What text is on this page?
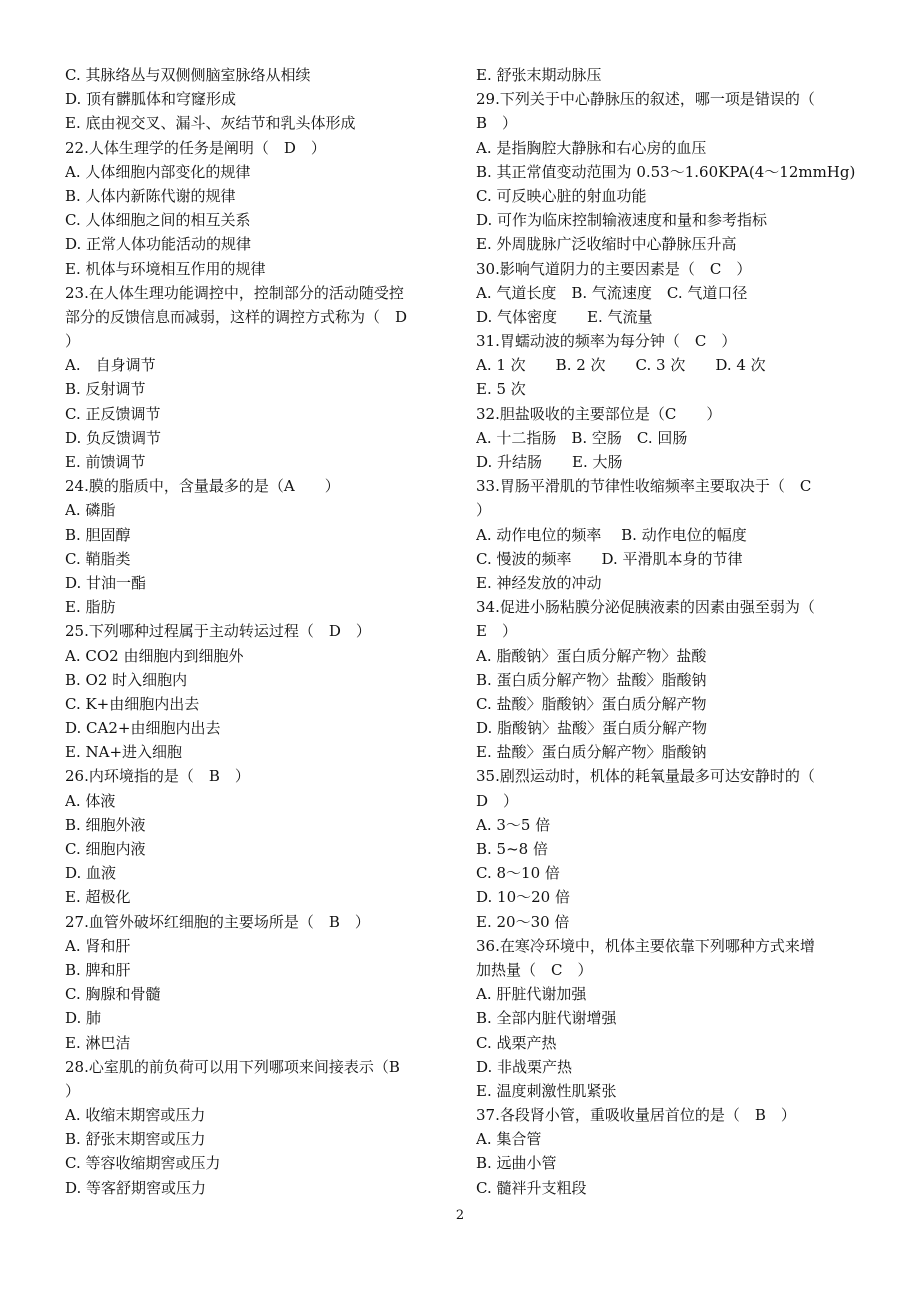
C. 其脉络丛与双侧侧脑室脉络从相续
D. 顶有髒胍体和穹窿形成
E. 底由视交叉、漏斗、灰结节和乳头体形成
22.人体生理学的任务是阐明（　D　）
A. 人体细胞内部变化的规律
B. 人体内新陈代谢的规律
C. 人体细胞之间的相互关系
D. 正常人体功能活动的规律
E. 机体与环境相互作用的规律
23.在人体生理功能调控中，控制部分的活动随受控
部分的反馈信息而减弱，这样的调控方式称为（　D
）
A.　自身调节
B. 反射调节
C. 正反馈调节
D. 负反馈调节
E. 前馈调节
24.膜的脂质中，含量最多的是（A　　）
A. 磷脂
B. 胆固醇
C. 鞘脂类
D. 甘油一酯
E. 脂肪
25.下列哪种过程属于主动转运过程（　D　）
A. CO2 由细胞内到细胞外
B. O2 时入细胞内
C. K+由细胞内出去
D. CA2+由细胞内出去
E. NA+进入细胞
26.内环境指的是（　B　）
A. 体液
B. 细胞外液
C. 细胞内液
D. 血液
E. 超极化
27.血管外破坏红细胞的主要场所是（　B　）
A. 肾和肝
B. 脾和肝
C. 胸腺和骨髓
D. 肺
E. 淋巴洁
28.心室肌的前负荷可以用下列哪项来间接表示（B
）
A. 收缩末期窖或压力
B. 舒张末期窖或压力
C. 等容收缩期窖或压力
D. 等客舒期窖或压力
E. 舒张末期动脉压
29.下列关于中心静脉压的叙述，哪一项是错误的（
B　）
A. 是指胸腔大静脉和右心房的血压
B. 其正常值变动范围为 0.53～1.60KPA(4～12mmHg)
C. 可反映心脏的射血功能
D. 可作为临床控制输液速度和量和参考指标
E. 外周胧脉广泛收缩时中心静脉压升高
30.影响气道阴力的主要因素是（　C　）
A. 气道长度　B. 气流速度　C. 气道口径
D. 气体密度　　E. 气流量
31.胃蠕动波的频率为每分钟（　C　）
A. 1 次　　B. 2 次　　C. 3 次　　D. 4 次
E. 5 次
32.胆盐吸收的主要部位是（C　　）
A. 十二指肠　B. 空肠　C. 回肠
D. 升结肠　　E. 大肠
33.胃肠平滑肌的节律性收缩频率主要取决于（　C
）
A. 动作电位的频率　 B. 动作电位的幅度
C. 慢波的频率　　D. 平滑肌本身的节律
E. 神经发放的冲动
34.促进小肠粘膜分泌促胰液素的因素由强至弱为（
E　）
A. 脂酸钠〉蛋白质分解产物〉盐酸
B. 蛋白质分解产物〉盐酸〉脂酸钠
C. 盐酸〉脂酸钠〉蛋白质分解产物
D. 脂酸钠〉盐酸〉蛋白质分解产物
E. 盐酸〉蛋白质分解产物〉脂酸钠
35.剧烈运动时，机体的耗氧量最多可达安静时的（
D　）
A. 3～5 倍
B. 5~8 倍
C. 8～10 倍
D. 10～20 倍
E. 20～30 倍
36.在寒冷环境中，机体主要依靠下列哪种方式来增
加热量（　C　）
A. 肝脏代谢加强
B. 全部内脏代谢增强
C. 战栗产热
D. 非战栗产热
E. 温度刺激性肌紧张
37.各段肾小管，重吸收量居首位的是（　B　）
A. 集合管
B. 远曲小管
C. 髓袢升支粗段
2
